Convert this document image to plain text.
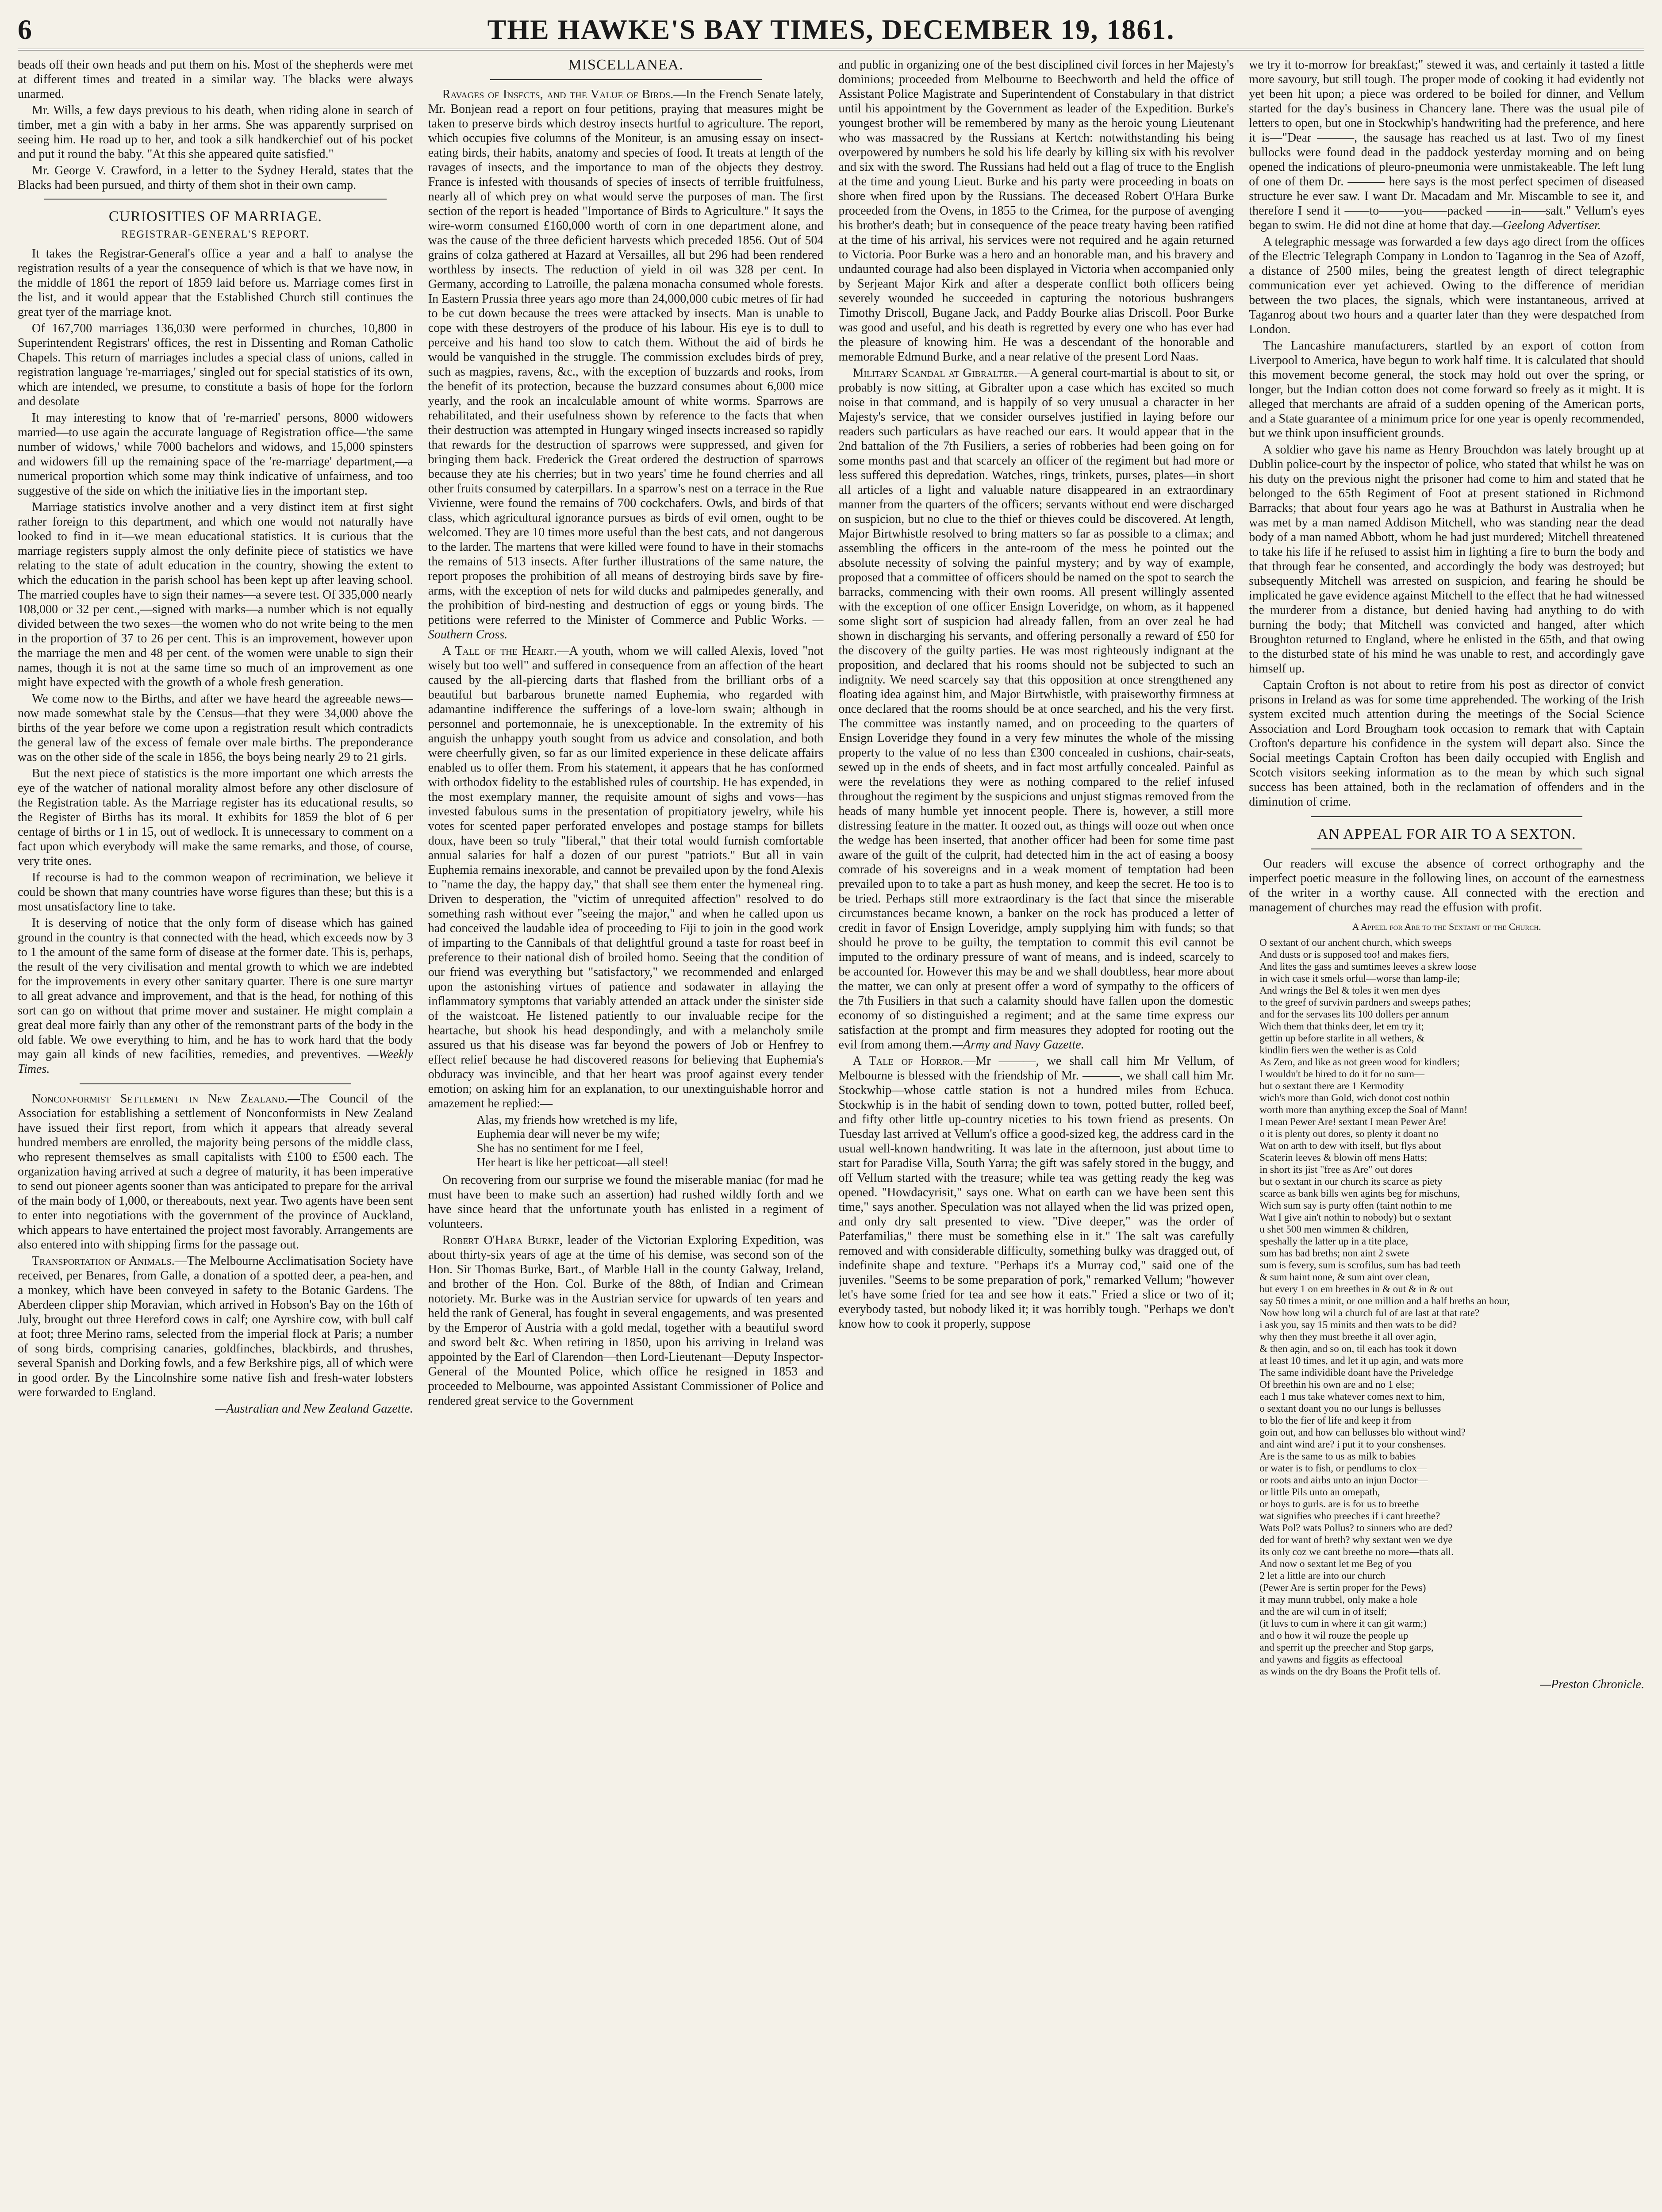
6	THE HAWKE'S BAY TIMES, DECEMBER 19, 1861.

beads off their own heads and put them on his. Most of the shepherds were met at different times and treated in a similar way. The blacks were always unarmed.

Mr. Wills, a few days previous to his death, when riding alone in search of timber, met a gin with a baby in her arms. She was apparently surprised on seeing him. He road up to her, and took a silk handkerchief out of his pocket and put it round the baby. "At this she appeared quite satisfied."

Mr. George V. Crawford, in a letter to the Sydney Herald, states that the Blacks had been pursued, and thirty of them shot in their own camp.

CURIOSITIES OF MARRIAGE.
REGISTRAR-GENERAL'S REPORT.

It takes the Registrar-General's office a year and a half to analyse the registration results of a year the consequence of which is that we have now, in the middle of 1861 the report of 1859 laid before us. Marriage comes first in the list, and it would appear that the Established Church still continues the great tyer of the marriage knot.

Of 167,700 marriages 136,030 were performed in churches, 10,800 in Superintendent Registrars' offices, the rest in Dissenting and Roman Catholic Chapels. This return of marriages includes a special class of unions, called in registration language 're-marriages,' singled out for special statistics of its own, which are intended, we presume, to constitute a basis of hope for the forlorn and desolate

It may interesting to know that of 're-married' persons, 8000 widowers married—to use again the accurate language of Registration office—'the same number of widows,' while 7000 bachelors and widows, and 15,000 spinsters and widowers fill up the remaining space of the 're-marriage' department,—a numerical proportion which some may think indicative of unfairness, and too suggestive of the side on which the initiative lies in the important step.

Marriage statistics involve another and a very distinct item at first sight rather foreign to this department, and which one would not naturally have looked to find in it—we mean educational statistics. It is curious that the marriage registers supply almost the only definite piece of statistics we have relating to the state of adult education in the country, showing the extent to which the education in the parish school has been kept up after leaving school. The married couples have to sign their names—a severe test. Of 335,000 nearly 108,000 or 32 per cent.,—signed with marks—a number which is not equally divided between the two sexes—the women who do not write being to the men in the proportion of 37 to 26 per cent. This is an improvement, however upon the marriage the men and 48 per cent. of the women were unable to sign their names, though it is not at the same time so much of an improvement as one might have expected with the growth of a whole fresh generation.

We come now to the Births, and after we have heard the agreeable news—now made somewhat stale by the Census—that they were 34,000 above the births of the year before we come upon a registration result which contradicts the general law of the excess of female over male births. The preponderance was on the other side of the scale in 1856, the boys being nearly 29 to 21 girls.

But the next piece of statistics is the more important one which arrests the eye of the watcher of national morality almost before any other disclosure of the Registration table. As the Marriage register has its educational results, so the Register of Births has its moral. It exhibits for 1859 the blot of 6 per centage of births or 1 in 15, out of wedlock. It is unnecessary to comment on a fact upon which everybody will make the same remarks, and those, of course, very trite ones.

If recourse is had to the common weapon of recrimination, we believe it could be shown that many countries have worse figures than these; but this is a most unsatisfactory line to take.

It is deserving of notice that the only form of disease which has gained ground in the country is that connected with the head, which exceeds now by 3 to 1 the amount of the same form of disease at the former date. This is, perhaps, the result of the very civilisation and mental growth to which we are indebted for the improvements in every other sanitary quarter. There is one sure martyr to all great advance and improvement, and that is the head, for nothing of this sort can go on without that prime mover and sustainer. He might complain a great deal more fairly than any other of the remonstrant parts of the body in the old fable. We owe everything to him, and he has to work hard that the body may gain all kinds of new facilities, remedies, and preventives. —Weekly Times.

Nonconformist Settlement in New Zealand.—The Council of the Association for establishing a settlement of Nonconformists in New Zealand have issued their first report, from which it appears that already several hundred members are enrolled, the majority being persons of the middle class, who represent themselves as small capitalists with £100 to £500 each. The organization having arrived at such a degree of maturity, it has been imperative to send out pioneer agents sooner than was anticipated to prepare for the arrival of the main body of 1,000, or thereabouts, next year. Two agents have been sent to enter into negotiations with the government of the province of Auckland, which appears to have entertained the project most favorably. Arrangements are also entered into with shipping firms for the passage out.

Transportation of Animals.—The Melbourne Acclimatisation Society have received, per Benares, from Galle, a donation of a spotted deer, a pea-hen, and a monkey, which have been conveyed in safety to the Botanic Gardens. The Aberdeen clipper ship Moravian, which arrived in Hobson's Bay on the 16th of July, brought out three Hereford cows in calf; one Ayrshire cow, with bull calf at foot; three Merino rams, selected from the imperial flock at Paris; a number of song birds, comprising canaries, goldfinches, blackbirds, and thrushes, several Spanish and Dorking fowls, and a few Berkshire pigs, all of which were in good order. By the Lincolnshire some native fish and fresh-water lobsters were forwarded to England.

—Australian and New Zealand Gazette.

MISCELLANEA.

Ravages of Insects, and the Value of Birds.—In the French Senate lately, Mr. Bonjean read a report on four petitions, praying that measures might be taken to preserve birds which destroy insects hurtful to agriculture. The report, which occupies five columns of the Moniteur, is an amusing essay on insect-eating birds, their habits, anatomy and species of food. It treats at length of the ravages of insects, and the importance to man of the objects they destroy. France is infested with thousands of species of insects of terrible fruitfulness, nearly all of which prey on what would serve the purposes of man. The first section of the report is headed "Importance of Birds to Agriculture." It says the wire-worm consumed £160,000 worth of corn in one department alone, and was the cause of the three deficient harvests which preceded 1856. Out of 504 grains of colza gathered at Hazard at Versailles, all but 296 had been rendered worthless by insects. The reduction of yield in oil was 328 per cent. In Germany, according to Latroille, the palæna monacha consumed whole forests. In Eastern Prussia three years ago more than 24,000,000 cubic metres of fir had to be cut down because the trees were attacked by insects. Man is unable to cope with these destroyers of the produce of his labour. His eye is to dull to perceive and his hand too slow to catch them. Without the aid of birds he would be vanquished in the struggle. The commission excludes birds of prey, such as magpies, ravens, &c., with the exception of buzzards and rooks, from the benefit of its protection, because the buzzard consumes about 6,000 mice yearly, and the rook an incalculable amount of white worms. Sparrows are rehabilitated, and their usefulness shown by reference to the facts that when their destruction was attempted in Hungary winged insects increased so rapidly that rewards for the destruction of sparrows were suppressed, and given for bringing them back. Frederick the Great ordered the destruction of sparrows because they ate his cherries; but in two years' time he found cherries and all other fruits consumed by caterpillars. In a sparrow's nest on a terrace in the Rue Vivienne, were found the remains of 700 cockchafers. Owls, and birds of that class, which agricultural ignorance pursues as birds of evil omen, ought to be welcomed. They are 10 times more useful than the best cats, and not dangerous to the larder. The martens that were killed were found to have in their stomachs the remains of 513 insects. After further illustrations of the same nature, the report proposes the prohibition of all means of destroying birds save by fire-arms, with the exception of nets for wild ducks and palmipedes generally, and the prohibition of bird-nesting and destruction of eggs or young birds. The petitions were referred to the Minister of Commerce and Public Works. —Southern Cross.

A Tale of the Heart.—A youth, whom we will called Alexis, loved "not wisely but too well" and suffered in consequence from an affection of the heart caused by the all-piercing darts that flashed from the brilliant orbs of a beautiful but barbarous brunette named Euphemia, who regarded with adamantine indifference the sufferings of a love-lorn swain; although in personnel and portemonnaie, he is unexceptionable. In the extremity of his anguish the unhappy youth sought from us advice and consolation, and both were cheerfully given, so far as our limited experience in these delicate affairs enabled us to offer them. From his statement, it appears that he has conformed with orthodox fidelity to the established rules of courtship. He has expended, in the most exemplary manner, the requisite amount of sighs and vows—has invested fabulous sums in the presentation of propitiatory jewelry, while his votes for scented paper perforated envelopes and postage stamps for billets doux, have been so truly "liberal," that their total would furnish comfortable annual salaries for half a dozen of our purest "patriots." But all in vain Euphemia remains inexorable, and cannot be prevailed upon by the fond Alexis to "name the day, the happy day," that shall see them enter the hymeneal ring. Driven to desperation, the "victim of unrequited affection" resolved to do something rash without ever "seeing the major," and when he called upon us had conceived the laudable idea of proceeding to Fiji to join in the good work of imparting to the Cannibals of that delightful ground a taste for roast beef in preference to their national dish of broiled homo. Seeing that the condition of our friend was everything but "satisfactory," we recommended and enlarged upon the astonishing virtues of patience and sodawater in allaying the inflammatory symptoms that variably attended an attack under the sinister side of the waistcoat. He listened patiently to our invaluable recipe for the heartache, but shook his head despondingly, and with a melancholy smile assured us that his disease was far beyond the powers of Job or Henfrey to effect relief because he had discovered reasons for believing that Euphemia's obduracy was invincible, and that her heart was proof against every tender emotion; on asking him for an explanation, to our unextinguishable horror and amazement he replied:—

Alas, my friends how wretched is my life,
Euphemia dear will never be my wife;
She has no sentiment for me I feel,
Her heart is like her petticoat—all steel!

On recovering from our surprise we found the miserable maniac (for mad he must have been to make such an assertion) had rushed wildly forth and we have since heard that the unfortunate youth has enlisted in a regiment of volunteers.

Robert O'Hara Burke, leader of the Victorian Exploring Expedition, was about thirty-six years of age at the time of his demise, was second son of the Hon. Sir Thomas Burke, Bart., of Marble Hall in the county Galway, Ireland, and brother of the Hon. Col. Burke of the 88th, of Indian and Crimean notoriety. Mr. Burke was in the Austrian service for upwards of ten years and held the rank of General, has fought in several engagements, and was presented by the Emperor of Austria with a gold medal, together with a beautiful sword and sword belt &c. When retiring in 1850, upon his arriving in Ireland was appointed by the Earl of Clarendon—then Lord-Lieutenant—Deputy Inspector-General of the Mounted Police, which office he resigned in 1853 and proceeded to Melbourne, was appointed Assistant Commissioner of Police and rendered great service to the Government

and public in organizing one of the best disciplined civil forces in her Majesty's dominions; proceeded from Melbourne to Beechworth and held the office of Assistant Police Magistrate and Superintendent of Constabulary in that district until his appointment by the Government as leader of the Expedition. Burke's youngest brother will be remembered by many as the heroic young Lieutenant who was massacred by the Russians at Kertch: notwithstanding his being overpowered by numbers he sold his life dearly by killing six with his revolver and six with the sword. The Russians had held out a flag of truce to the English at the time and young Lieut. Burke and his party were proceeding in boats on shore when fired upon by the Russians. The deceased Robert O'Hara Burke proceeded from the Ovens, in 1855 to the Crimea, for the purpose of avenging his brother's death; but in consequence of the peace treaty having been ratified at the time of his arrival, his services were not required and he again returned to Victoria. Poor Burke was a hero and an honorable man, and his bravery and undaunted courage had also been displayed in Victoria when accompanied only by Serjeant Major Kirk and after a desperate conflict both officers being severely wounded he succeeded in capturing the notorious bushrangers Timothy Driscoll, Bugane Jack, and Paddy Bourke alias Driscoll. Poor Burke was good and useful, and his death is regretted by every one who has ever had the pleasure of knowing him. He was a descendant of the honorable and memorable Edmund Burke, and a near relative of the present Lord Naas.

Military Scandal at Gibralter.—A general court-martial is about to sit, or probably is now sitting, at Gibralter upon a case which has excited so much noise in that command, and is happily of so very unusual a character in her Majesty's service, that we consider ourselves justified in laying before our readers such particulars as have reached our ears. It would appear that in the 2nd battalion of the 7th Fusiliers, a series of robberies had been going on for some months past and that scarcely an officer of the regiment but had more or less suffered this depredation. Watches, rings, trinkets, purses, plates—in short all articles of a light and valuable nature disappeared in an extraordinary manner from the quarters of the officers; servants without end were discharged on suspicion, but no clue to the thief or thieves could be discovered. At length, Major Birtwhistle resolved to bring matters so far as possible to a climax; and assembling the officers in the ante-room of the mess he pointed out the absolute necessity of solving the painful mystery; and by way of example, proposed that a committee of officers should be named on the spot to search the barracks, commencing with their own rooms. All present willingly assented with the exception of one officer Ensign Loveridge, on whom, as it happened some slight sort of suspicion had already fallen, from an over zeal he had shown in discharging his servants, and offering personally a reward of £50 for the discovery of the guilty parties. He was most righteously indignant at the proposition, and declared that his rooms should not be subjected to such an indignity. We need scarcely say that this opposition at once strengthened any floating idea against him, and Major Birtwhistle, with praiseworthy firmness at once declared that the rooms should be at once searched, and his the very first. The committee was instantly named, and on proceeding to the quarters of Ensign Loveridge they found in a very few minutes the whole of the missing property to the value of no less than £300 concealed in cushions, chair-seats, sewed up in the ends of sheets, and in fact most artfully concealed. Painful as were the revelations they were as nothing compared to the relief infused throughout the regiment by the suspicions and unjust stigmas removed from the heads of many humble yet innocent people. There is, however, a still more distressing feature in the matter. It oozed out, as things will ooze out when once the wedge has been inserted, that another officer had been for some time past aware of the guilt of the culprit, had detected him in the act of easing a boosy comrade of his sovereigns and in a weak moment of temptation had been prevailed upon to to take a part as hush money, and keep the secret. He too is to be tried. Perhaps still more extraordinary is the fact that since the miserable circumstances became known, a banker on the rock has produced a letter of credit in favor of Ensign Loveridge, amply supplying him with funds; so that should he prove to be guilty, the temptation to commit this evil cannot be imputed to the ordinary pressure of want of means, and is indeed, scarcely to be accounted for. However this may be and we shall doubtless, hear more about the matter, we can only at present offer a word of sympathy to the officers of the 7th Fusiliers in that such a calamity should have fallen upon the domestic economy of so distinguished a regiment; and at the same time express our satisfaction at the prompt and firm measures they adopted for rooting out the evil from among them.—Army and Navy Gazette.

A Tale of Horror.—Mr ———, we shall call him Mr Vellum, of Melbourne is blessed with the friendship of Mr. ———, we shall call him Mr. Stockwhip—whose cattle station is not a hundred miles from Echuca. Stockwhip is in the habit of sending down to town, potted butter, rolled beef, and fifty other little up-country niceties to his town friend as presents. On Tuesday last arrived at Vellum's office a good-sized keg, the address card in the usual well-known handwriting. It was late in the afternoon, just about time to start for Paradise Villa, South Yarra; the gift was safely stored in the buggy, and off Vellum started with the treasure; while tea was getting ready the keg was opened. "Howdacyrisit," says one. What on earth can we have been sent this time," says another. Speculation was not allayed when the lid was prized open, and only dry salt presented to view. "Dive deeper," was the order of Paterfamilias," there must be something else in it." The salt was carefully removed and with considerable difficulty, something bulky was dragged out, of indefinite shape and texture. "Perhaps it's a Murray cod," said one of the juveniles. "Seems to be some preparation of pork," remarked Vellum; "however let's have some fried for tea and see how it eats." Fried a slice or two of it; everybody tasted, but nobody liked it; it was horribly tough. "Perhaps we don't know how to cook it properly, suppose

we try it to-morrow for breakfast;" stewed it was, and certainly it tasted a little more savoury, but still tough. The proper mode of cooking it had evidently not yet been hit upon; a piece was ordered to be boiled for dinner, and Vellum started for the day's business in Chancery lane. There was the usual pile of letters to open, but one in Stockwhip's handwriting had the preference, and here it is—"Dear ———, the sausage has reached us at last. Two of my finest bullocks were found dead in the paddock yesterday morning and on being opened the indications of pleuro-pneumonia were unmistakeable. The left lung of one of them Dr. ——— here says is the most perfect specimen of diseased structure he ever saw. I want Dr. Macadam and Mr. Miscamble to see it, and therefore I send it ——to——you——packed ——in——salt." Vellum's eyes began to swim. He did not dine at home that day.—Geelong Advertiser.

A telegraphic message was forwarded a few days ago direct from the offices of the Electric Telegraph Company in London to Taganrog in the Sea of Azoff, a distance of 2500 miles, being the greatest length of direct telegraphic communication ever yet achieved. Owing to the difference of meridian between the two places, the signals, which were instantaneous, arrived at Taganrog about two hours and a quarter later than they were despatched from London.

The Lancashire manufacturers, startled by an export of cotton from Liverpool to America, have begun to work half time. It is calculated that should this movement become general, the stock may hold out over the spring, or longer, but the Indian cotton does not come forward so freely as it might. It is alleged that merchants are afraid of a sudden opening of the American ports, and a State guarantee of a minimum price for one year is openly recommended, but we think upon insufficient grounds.

A soldier who gave his name as Henry Brouchdon was lately brought up at Dublin police-court by the inspector of police, who stated that whilst he was on his duty on the previous night the prisoner had come to him and stated that he belonged to the 65th Regiment of Foot at present stationed in Richmond Barracks; that about four years ago he was at Bathurst in Australia when he was met by a man named Addison Mitchell, who was standing near the dead body of a man named Abbott, whom he had just murdered; Mitchell threatened to take his life if he refused to assist him in lighting a fire to burn the body and that through fear he consented, and accordingly the body was destroyed; but subsequently Mitchell was arrested on suspicion, and fearing he should be implicated he gave evidence against Mitchell to the effect that he had witnessed the murderer from a distance, but denied having had anything to do with burning the body; that Mitchell was convicted and hanged, after which Broughton returned to England, where he enlisted in the 65th, and that owing to the disturbed state of his mind he was unable to rest, and accordingly gave himself up.

Captain Crofton is not about to retire from his post as director of convict prisons in Ireland as was for some time apprehended. The working of the Irish system excited much attention during the meetings of the Social Science Association and Lord Brougham took occasion to remark that with Captain Crofton's departure his confidence in the system will depart also. Since the Social meetings Captain Crofton has been daily occupied with English and Scotch visitors seeking information as to the mean by which such signal success has been attained, both in the reclamation of offenders and in the diminution of crime.

AN APPEAL FOR AIR TO A SEXTON.

Our readers will excuse the absence of correct orthography and the imperfect poetic measure in the following lines, on account of the earnestness of the writer in a worthy cause. All connected with the erection and management of churches may read the effusion with profit.

A Appeel for Are to the Sextant of the Church.
O sextant of our anchent church, which sweeps
And dusts or is supposed too! and makes fiers,
And lites the gass and sumtimes leeves a skrew loose
in wich case it smels orful—worse than lamp-ile;
And wrings the Bel & toles it wen men dyes
to the greef of survivin pardners and sweeps pathes;
and for the servases lits 100 dollers per annum
Wich them that thinks deer, let em try it;
gettin up before starlite in all wethers, &
kindlin fiers wen the wether is as Cold
As Zero, and like as not green wood for kindlers;
I wouldn't be hired to do it for no sum—
but o sextant there are 1 Kermodity
wich's more than Gold, wich donot cost nothin
worth more than anything excep the Soal of Mann!
I mean Pewer Are! sextant I mean Pewer Are!
o it is plenty out dores, so plenty it doant no
Wat on arth to dew with itself, but flys about
Scaterin leeves & blowin off mens Hatts;
in short its jist "free as Are" out dores
but o sextant in our church its scarce as piety
scarce as bank bills wen agints beg for mischuns,
Wich sum say is purty offen (taint nothin to me
Wat I give ain't nothin to nobody) but o sextant
u shet 500 men wimmen & children,
speshally the latter up in a tite place,
sum has bad breths; non aint 2 swete
sum is fevery, sum is scrofilus, sum has bad teeth
& sum haint none, & sum aint over clean,
but every 1 on em breethes in & out & in & out
say 50 times a minit, or one million and a half breths an hour,
Now how long wil a church ful of are last at that rate?
i ask you, say 15 minits and then wats to be did?
why then they must breethe it all over agin,
& then agin, and so on, til each has took it down
at least 10 times, and let it up agin, and wats more
The same individible doant have the Priveledge
Of breethin his own are and no 1 else;
each 1 mus take whatever comes next to him,
o sextant doant you no our lungs is bellusses
to blo the fier of life and keep it from
goin out, and how can bellusses blo without wind?
and aint wind are? i put it to your conshenses.
Are is the same to us as milk to babies
or water is to fish, or pendlums to clox—
or roots and airbs unto an injun Doctor—
or little Pils unto an omepath,
or boys to gurls. are is for us to breethe
wat signifies who preeches if i cant breethe?
Wats Pol? wats Pollus? to sinners who are ded?
ded for want of breth? why sextant wen we dye
its only coz we cant breethe no more—thats all.
And now o sextant let me Beg of you
2 let a little are into our church
(Pewer Are is sertin proper for the Pews)
it may munn trubbel, only make a hole
and the are wil cum in of itself;
(it luvs to cum in where it can git warm;)
and o how it wil rouze the people up
and sperrit up the preecher and Stop garps,
and yawns and figgits as effectooal
as winds on the dry Boans the Profit tells of.

—Preston Chronicle.
